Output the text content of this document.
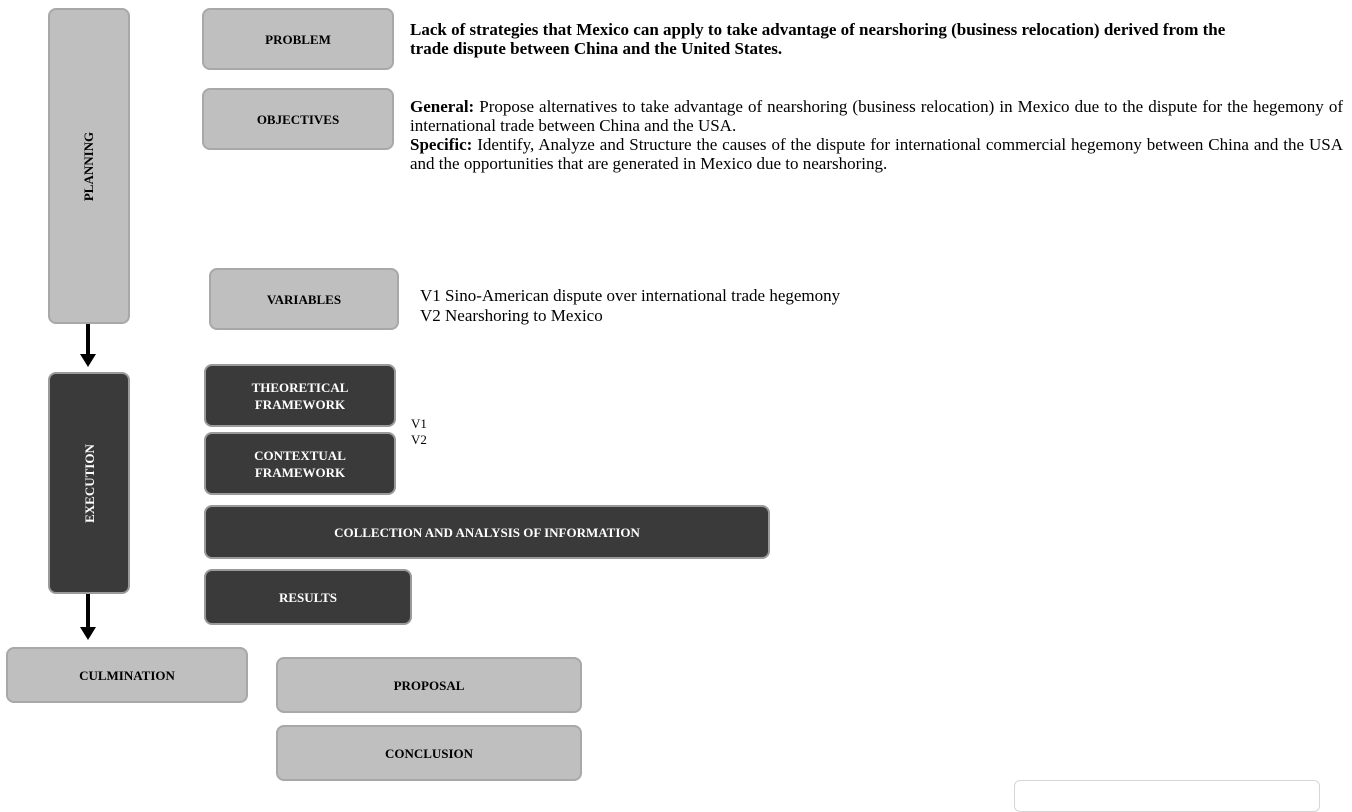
PLANNING
EXECUTION
CULMINATION
PROBLEM	Lack of strategies that Mexico can apply to take advantage of nearshoring (business relocation) derived from the trade dispute between China and the United States.
OBJECTIVES
General: Propose alternatives to take advantage of nearshoring (business relocation) in Mexico due to the dispute for the hegemony of international trade between China and the USA.
Specific: Identify, Analyze and Structure the causes of the dispute for international commercial hegemony between China and the USA and the opportunities that are generated in Mexico due to nearshoring.
VARIABLES	V1 Sino-American dispute over international trade hegemony
V2 Nearshoring to Mexico
THEORETICAL FRAMEWORK
CONTEXTUAL FRAMEWORK
V1
V2
COLLECTION AND ANALYSIS OF INFORMATION
RESULTS
PROPOSAL
CONCLUSION
